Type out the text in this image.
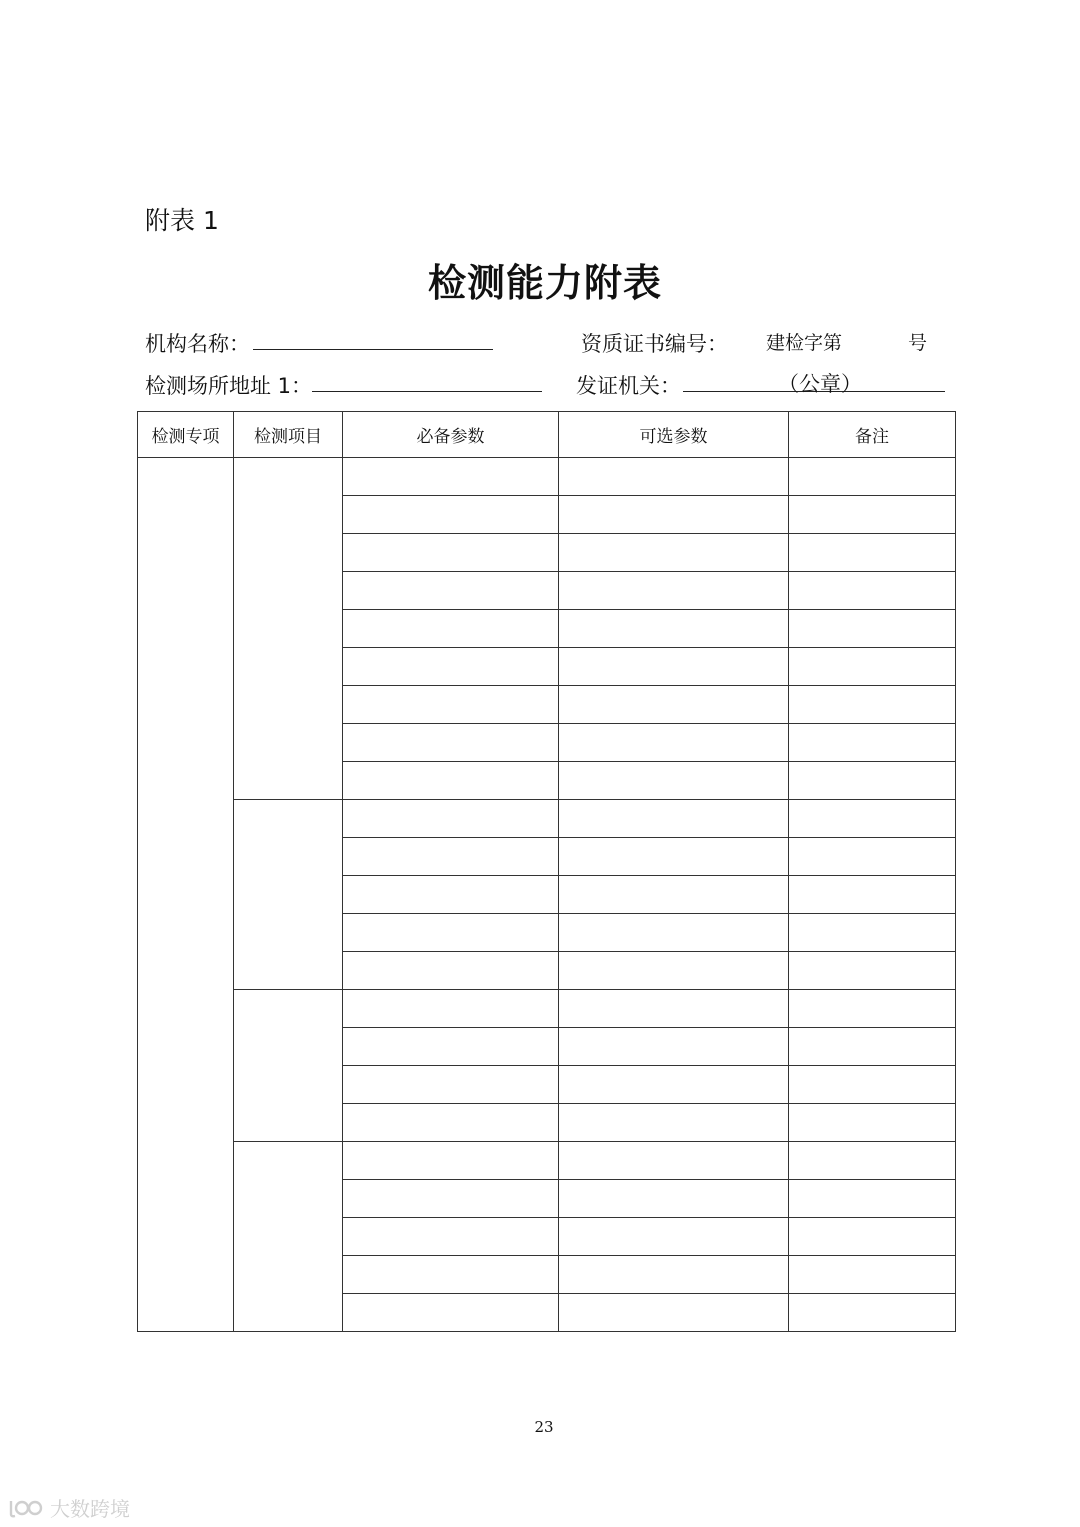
附表 1
检测能力附表
机构名称：	资质证书编号： 建检字第	号
检测场所地址 1：	发证机关：	（公章）
检测专项	检测项目	必备参数	可选参数	备注

23
大数跨境
